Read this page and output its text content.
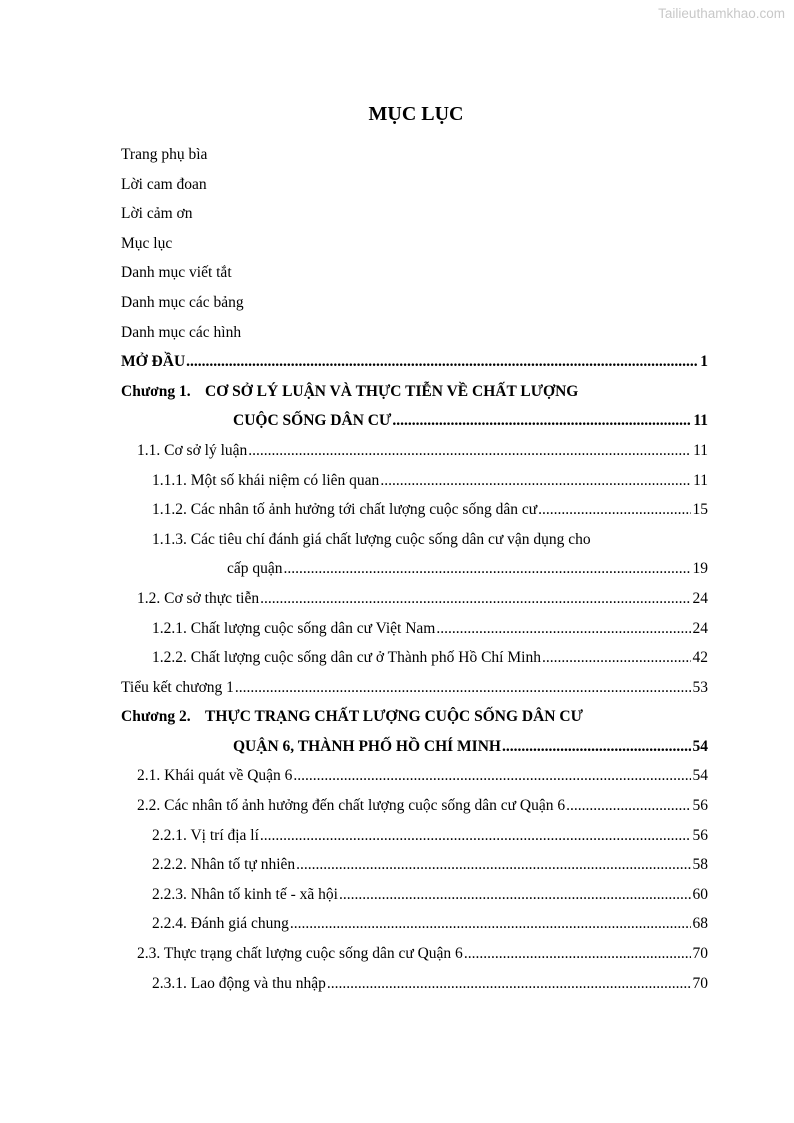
Tailieuthamkhao.com
MỤC LỤC
Trang phụ bìa
Lời cam đoan
Lời cảm ơn
Mục lục
Danh mục viết tắt
Danh mục các bảng
Danh mục các hình
MỞ ĐẦU .....	1
Chương 1. CƠ SỞ LÝ LUẬN VÀ THỰC TIỄN VỀ CHẤT LƯỢNG
CUỘC SỐNG DÂN CƯ .....	11
1.1. Cơ sở lý luận .....	11
1.1.1. Một số khái niệm có liên quan .....	11
1.1.2. Các nhân tố ảnh hưởng tới chất lượng cuộc sống dân cư .....	15
1.1.3. Các tiêu chí đánh giá chất lượng cuộc sống dân cư vận dụng cho
cấp quận .....	19
1.2. Cơ sở thực tiễn .....	24
1.2.1. Chất lượng cuộc sống dân cư Việt Nam .....	24
1.2.2. Chất lượng cuộc sống dân cư ở Thành phố Hồ Chí Minh .....	42
Tiểu kết chương 1 .....	53
Chương 2. THỰC TRẠNG CHẤT LƯỢNG CUỘC SỐNG DÂN CƯ
QUẬN 6, THÀNH PHỐ HỒ CHÍ MINH .....	54
2.1. Khái quát về Quận 6 .....	54
2.2. Các nhân tố ảnh hưởng đến chất lượng cuộc sống dân cư Quận 6 .....	56
2.2.1. Vị trí địa lí .....	56
2.2.2. Nhân tố tự nhiên .....	58
2.2.3. Nhân tố kinh tế - xã hội .....	60
2.2.4. Đánh giá chung .....	68
2.3. Thực trạng chất lượng cuộc sống dân cư Quận 6 .....	70
2.3.1. Lao động và thu nhập .....	70
